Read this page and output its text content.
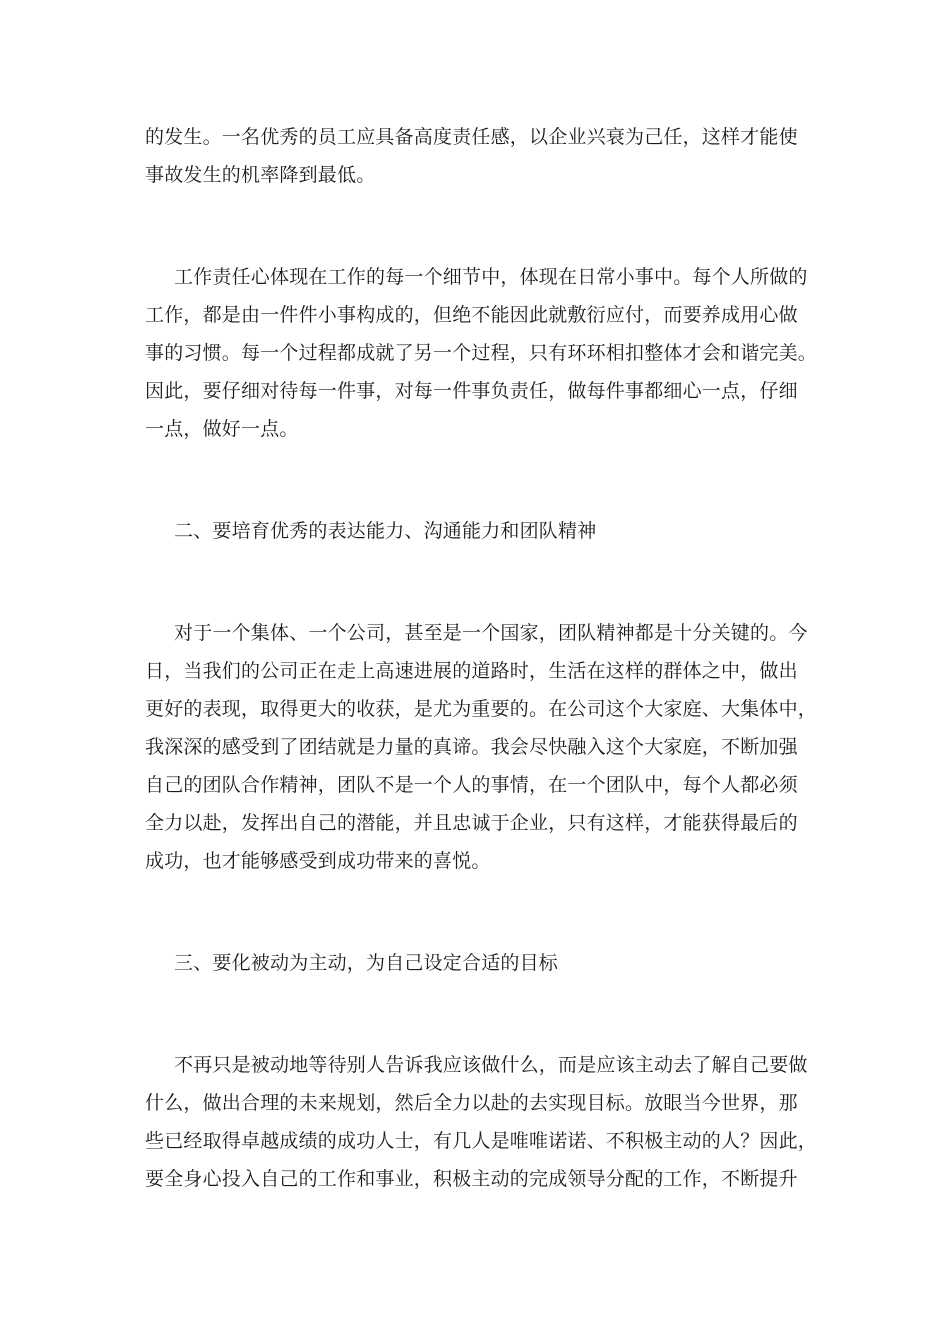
的发生。一名优秀的员工应具备高度责任感，以企业兴衰为己任，这样才能使
事故发生的机率降到最低。
工作责任心体现在工作的每一个细节中，体现在日常小事中。每个人所做的
工作，都是由一件件小事构成的，但绝不能因此就敷衍应付，而要养成用心做
事的习惯。每一个过程都成就了另一个过程，只有环环相扣整体才会和谐完美。
因此，要仔细对待每一件事，对每一件事负责任，做每件事都细心一点，仔细
一点，做好一点。
二、要培育优秀的表达能力、沟通能力和团队精神
对于一个集体、一个公司，甚至是一个国家，团队精神都是十分关键的。今
日，当我们的公司正在走上高速进展的道路时，生活在这样的群体之中，做出
更好的表现，取得更大的收获，是尤为重要的。在公司这个大家庭、大集体中，
我深深的感受到了团结就是力量的真谛。我会尽快融入这个大家庭，不断加强
自己的团队合作精神，团队不是一个人的事情，在一个团队中，每个人都必须
全力以赴，发挥出自己的潜能，并且忠诚于企业，只有这样，才能获得最后的
成功，也才能够感受到成功带来的喜悦。
三、要化被动为主动，为自己设定合适的目标
不再只是被动地等待别人告诉我应该做什么，而是应该主动去了解自己要做
什么，做出合理的未来规划，然后全力以赴的去实现目标。放眼当今世界，那
些已经取得卓越成绩的成功人士，有几人是唯唯诺诺、不积极主动的人？因此，
要全身心投入自己的工作和事业，积极主动的完成领导分配的工作，不断提升
